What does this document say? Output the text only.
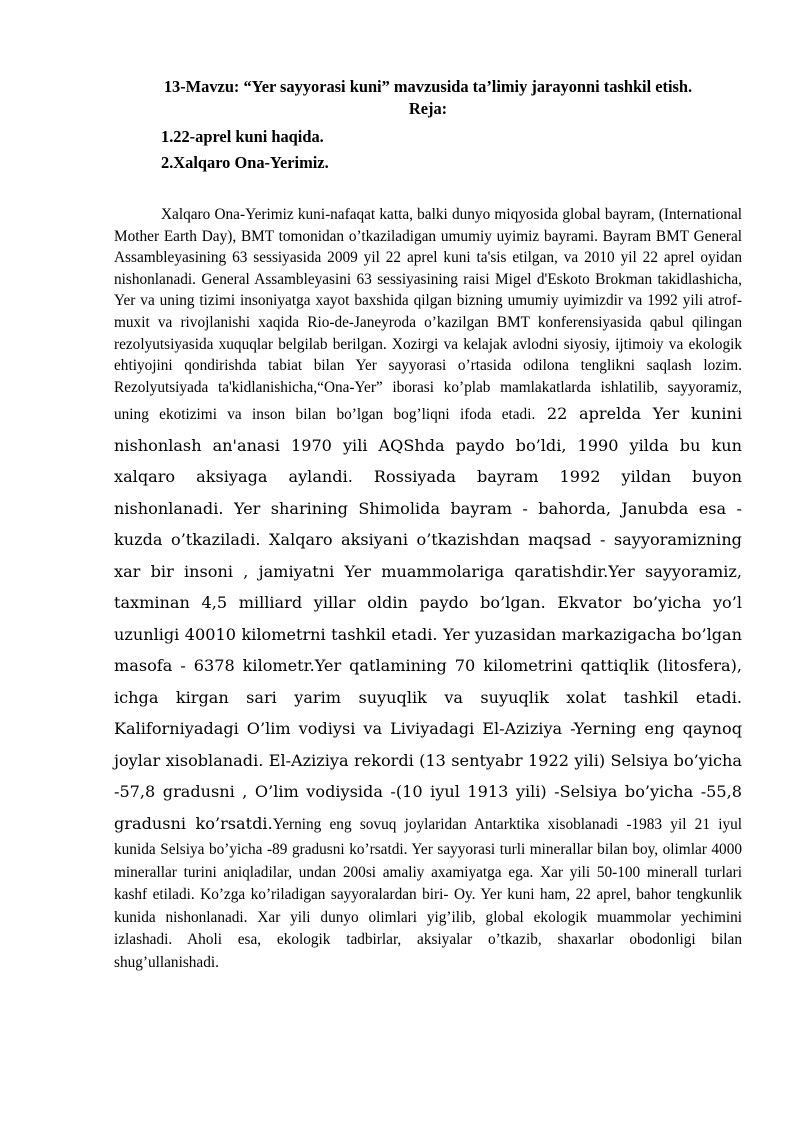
13-Mavzu: “Yer sayyorasi kuni” mavzusida ta’limiy jarayonni tashkil etish.

Reja:

1.22-aprel kuni haqida.
2.Xalqaro Ona-Yerimiz.

Xalqaro Ona-Yerimiz kuni-nafaqat katta, balki dunyo miqyosida global bayram, (International Mother Earth Day), BMT tomonidan o’tkaziladigan umumiy uyimiz bayrami. Bayram BMT General Assambleyasining 63 sessiyasida 2009 yil 22 aprel kuni ta'sis etilgan, va 2010 yil 22 aprel oyidan nishonlanadi. General Assambleyasini 63 sessiyasining raisi Migel d'Eskoto Brokman takidlashicha, Yer va uning tizimi insoniyatga xayot baxshida qilgan bizning umumiy uyimizdir va 1992 yili atrof-muxit va rivojlanishi xaqida Rio-de-Janeyroda o’kazilgan BMT konferensiyasida qabul qilingan rezolyutsiyasida xuquqlar belgilab berilgan. Xozirgi va kelajak avlodni siyosiy, ijtimoiy va ekologik ehtiyojini qondirishda tabiat bilan Yer sayyorasi o’rtasida odilona tenglikni saqlash lozim. Rezolyutsiyada ta'kidlanishicha,“Ona-Yer” iborasi ko’plab mamlakatlarda ishlatilib, sayyoramiz, uning ekotizimi va inson bilan bo’lgan bog’liqni ifoda etadi. 22 aprelda Yer kunini nishonlash an'anasi 1970 yili AQShda paydo bo’ldi, 1990 yilda bu kun xalqaro aksiyaga aylandi. Rossiyada bayram 1992 yildan buyon nishonlanadi. Yer sharining Shimolida bayram - bahorda, Janubda esa - kuzda o’tkaziladi. Xalqaro aksiyani o’tkazishdan maqsad - sayyoramizning xar bir insoni , jamiyatni Yer muammolariga qaratishdir.Yer sayyoramiz, taxminan 4,5 milliard yillar oldin paydo bo’lgan. Ekvator bo’yicha yo’l uzunligi 40010 kilometrni tashkil etadi. Yer yuzasidan markazigacha bo’lgan masofa - 6378 kilometr.Yer qatlamining 70 kilometrini qattiqlik (litosfera), ichga kirgan sari yarim suyuqlik va suyuqlik xolat tashkil etadi. Kaliforniyadagi O’lim vodiysi va Liviyadagi El-Aziziya -Yerning eng qaynoq joylar xisoblanadi. El-Aziziya rekordi (13 sentyabr 1922 yili) Selsiya bo’yicha -57,8 gradusni , O’lim vodiysida -(10 iyul 1913 yili) -Selsiya bo’yicha -55,8 gradusni ko’rsatdi.Yerning eng sovuq joylaridan Antarktika xisoblanadi -1983 yil 21 iyul kunida Selsiya bo’yicha -89 gradusni ko’rsatdi. Yer sayyorasi turli minerallar bilan boy, olimlar 4000 minerallar turini aniqladilar, undan 200si amaliy axamiyatga ega. Xar yili 50-100 minerall turlari kashf etiladi. Ko’zga ko’riladigan sayyoralardan biri- Oy. Yer kuni ham, 22 aprel, bahor tengkunlik kunida nishonlanadi. Xar yili dunyo olimlari yig’ilib, global ekologik muammolar yechimini izlashadi. Aholi esa, ekologik tadbirlar, aksiyalar o’tkazib, shaxarlar obodonligi bilan shug’ullanishadi.
